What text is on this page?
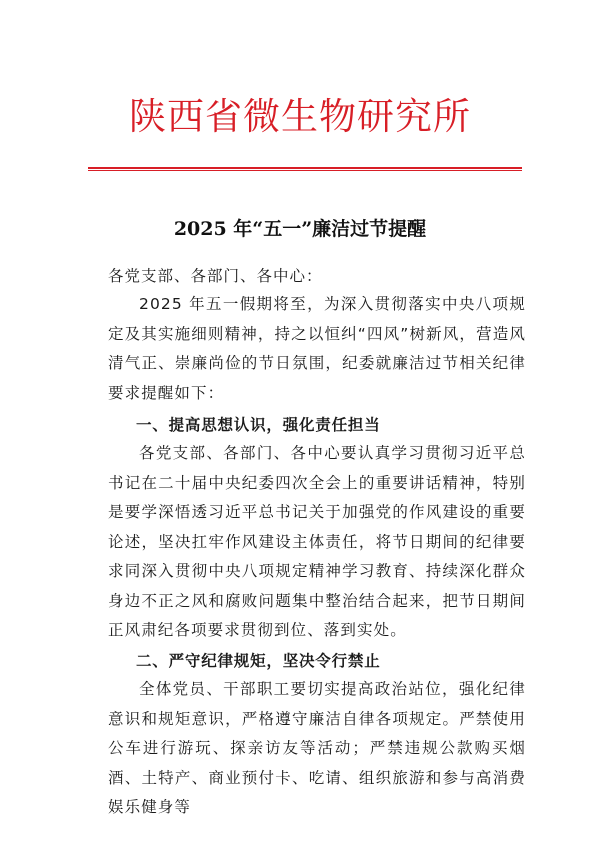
陕西省微生物研究所
2025 年“五一”廉洁过节提醒
各党支部、各部门、各中心：

2025 年五一假期将至，为深入贯彻落实中央八项规定及其实施细则精神，持之以恒纠“四风”树新风，营造风清气正、崇廉尚俭的节日氛围，纪委就廉洁过节相关纪律要求提醒如下：

一、提高思想认识，强化责任担当

各党支部、各部门、各中心要认真学习贯彻习近平总书记在二十届中央纪委四次全会上的重要讲话精神，特别是要学深悟透习近平总书记关于加强党的作风建设的重要论述，坚决扛牢作风建设主体责任，将节日期间的纪律要求同深入贯彻中央八项规定精神学习教育、持续深化群众身边不正之风和腐败问题集中整治结合起来，把节日期间正风肃纪各项要求贯彻到位、落到实处。

二、严守纪律规矩，坚决令行禁止

全体党员、干部职工要切实提高政治站位，强化纪律意识和规矩意识，严格遵守廉洁自律各项规定。严禁使用公车进行游玩、探亲访友等活动；严禁违规公款购买烟酒、土特产、商业预付卡、吃请、组织旅游和参与高消费娱乐健身等
